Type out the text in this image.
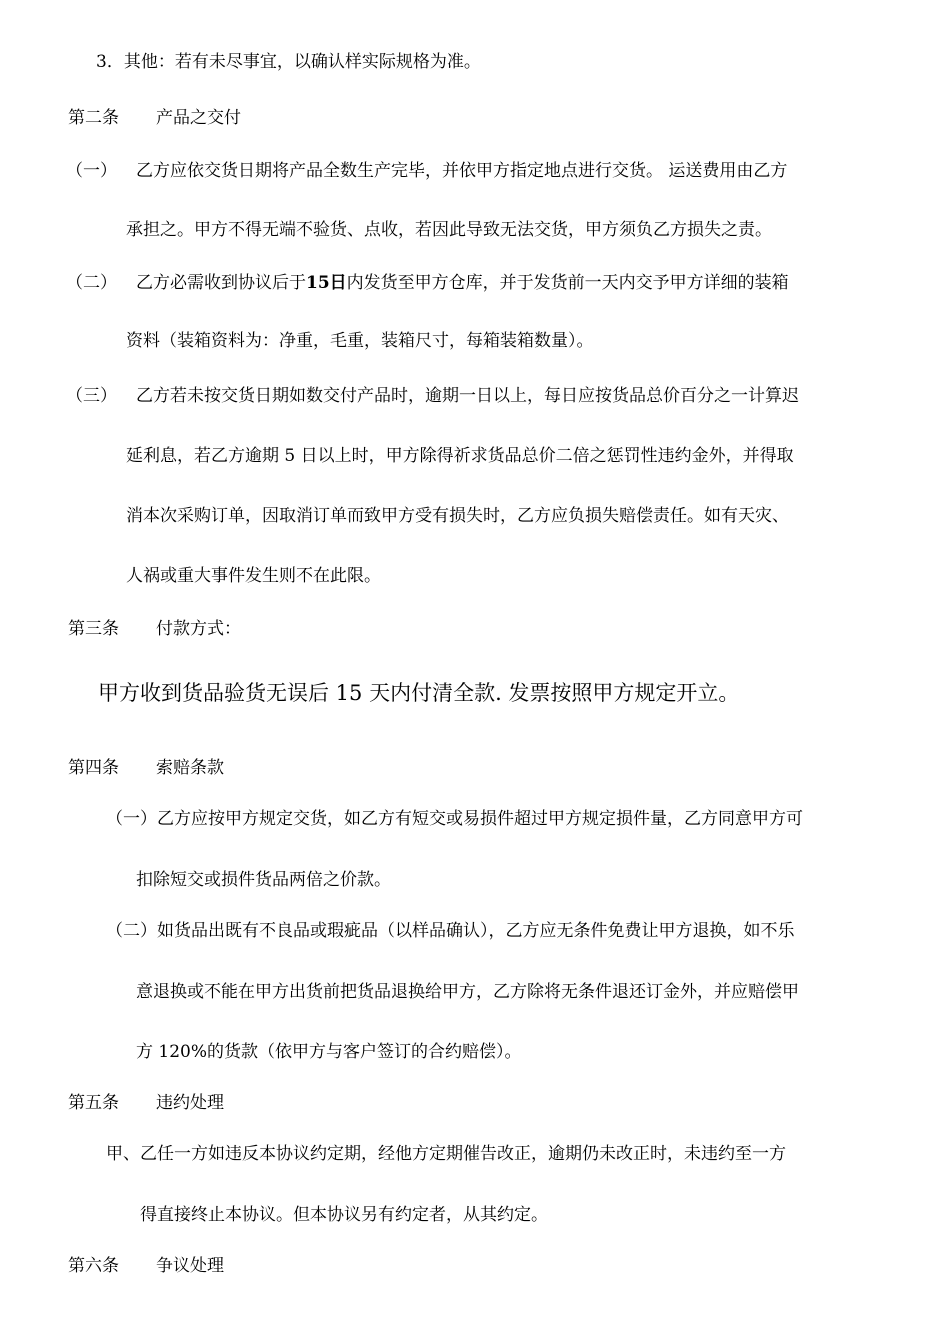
3．其他：若有未尽事宜，以确认样实际规格为准。
第二条 产品之交付
（一） 乙方应依交货日期将产品全数生产完毕，并依甲方指定地点进行交货。 运送费用由乙方
承担之。甲方不得无端不验货、点收，若因此导致无法交货，甲方须负乙方损失之责。
（二） 乙方必需收到协议后于15日内发货至甲方仓库，并于发货前一天内交予甲方详细的装箱
资料（装箱资料为：净重，毛重，装箱尺寸，每箱装箱数量）。
（三） 乙方若未按交货日期如数交付产品时，逾期一日以上，每日应按货品总价百分之一计算迟
延利息，若乙方逾期 5 日以上时，甲方除得祈求货品总价二倍之惩罚性违约金外，并得取
消本次采购订单，因取消订单而致甲方受有损失时，乙方应负损失赔偿责任。如有天灾、
人祸或重大事件发生则不在此限。
第三条 付款方式：
甲方收到货品验货无误后 15 天内付清全款. 发票按照甲方规定开立。
第四条 索赔条款
（一）乙方应按甲方规定交货，如乙方有短交或易损件超过甲方规定损件量，乙方同意甲方可
扣除短交或损件货品两倍之价款。
（二）如货品出既有不良品或瑕疵品（以样品确认），乙方应无条件免费让甲方退换，如不乐
意退换或不能在甲方出货前把货品退换给甲方，乙方除将无条件退还订金外，并应赔偿甲
方 120%的货款（依甲方与客户签订的合约赔偿）。
第五条 违约处理
甲、乙任一方如违反本协议约定期，经他方定期催告改正，逾期仍未改正时，未违约至一方
得直接终止本协议。但本协议另有约定者，从其约定。
第六条 争议处理
